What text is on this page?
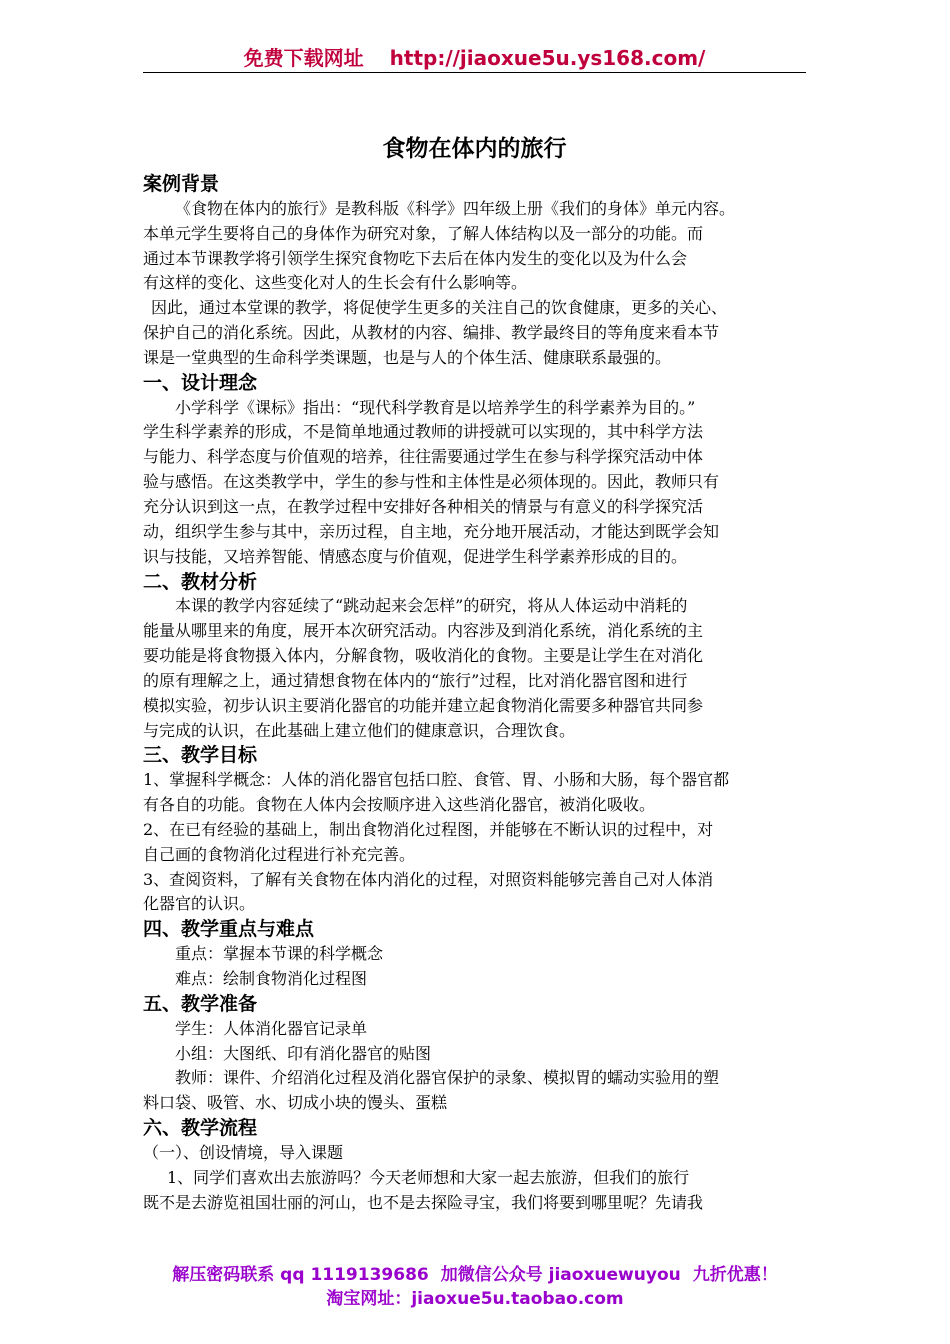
免费下载网址 http://jiaoxue5u.ys168.com/
食物在体内的旅行
案例背景
《食物在体内的旅行》是教科版《科学》四年级上册《我们的身体》单元内容。
本单元学生要将自己的身体作为研究对象，了解人体结构以及一部分的功能。而
通过本节课教学将引领学生探究食物吃下去后在体内发生的变化以及为什么会
有这样的变化、这些变化对人的生长会有什么影响等。
因此，通过本堂课的教学，将促使学生更多的关注自己的饮食健康，更多的关心、
保护自己的消化系统。因此，从教材的内容、编排、教学最终目的等角度来看本节
课是一堂典型的生命科学类课题，也是与人的个体生活、健康联系最强的。
一、设计理念
小学科学《课标》指出：“现代科学教育是以培养学生的科学素养为目的。”
学生科学素养的形成，不是简单地通过教师的讲授就可以实现的，其中科学方法
与能力、科学态度与价值观的培养，往往需要通过学生在参与科学探究活动中体
验与感悟。在这类教学中，学生的参与性和主体性是必须体现的。因此，教师只有
充分认识到这一点，在教学过程中安排好各种相关的情景与有意义的科学探究活
动，组织学生参与其中，亲历过程，自主地，充分地开展活动，才能达到既学会知
识与技能，又培养智能、情感态度与价值观，促进学生科学素养形成的目的。
二、教材分析
本课的教学内容延续了“跳动起来会怎样”的研究，将从人体运动中消耗的
能量从哪里来的角度，展开本次研究活动。内容涉及到消化系统，消化系统的主
要功能是将食物摄入体内，分解食物，吸收消化的食物。主要是让学生在对消化
的原有理解之上，通过猜想食物在体内的“旅行”过程，比对消化器官图和进行
模拟实验，初步认识主要消化器官的功能并建立起食物消化需要多种器官共同参
与完成的认识，在此基础上建立他们的健康意识，合理饮食。
三、教学目标
1、掌握科学概念：人体的消化器官包括口腔、食管、胃、小肠和大肠，每个器官都
有各自的功能。食物在人体内会按顺序进入这些消化器官，被消化吸收。
2、在已有经验的基础上，制出食物消化过程图，并能够在不断认识的过程中，对
自己画的食物消化过程进行补充完善。
3、查阅资料，了解有关食物在体内消化的过程，对照资料能够完善自己对人体消
化器官的认识。
四、教学重点与难点
重点：掌握本节课的科学概念
难点：绘制食物消化过程图
五、教学准备
学生：人体消化器官记录单
小组：大图纸、印有消化器官的贴图
教师：课件、介绍消化过程及消化器官保护的录象、模拟胃的蠕动实验用的塑
料口袋、吸管、水、切成小块的馒头、蛋糕
六、教学流程
（一）、创设情境，导入课题
1、同学们喜欢出去旅游吗？今天老师想和大家一起去旅游，但我们的旅行
既不是去游览祖国壮丽的河山，也不是去探险寻宝，我们将要到哪里呢？先请我
解压密码联系 qq 1119139686 加微信公众号 jiaoxuewuyou 九折优惠！
淘宝网址：jiaoxue5u.taobao.com
